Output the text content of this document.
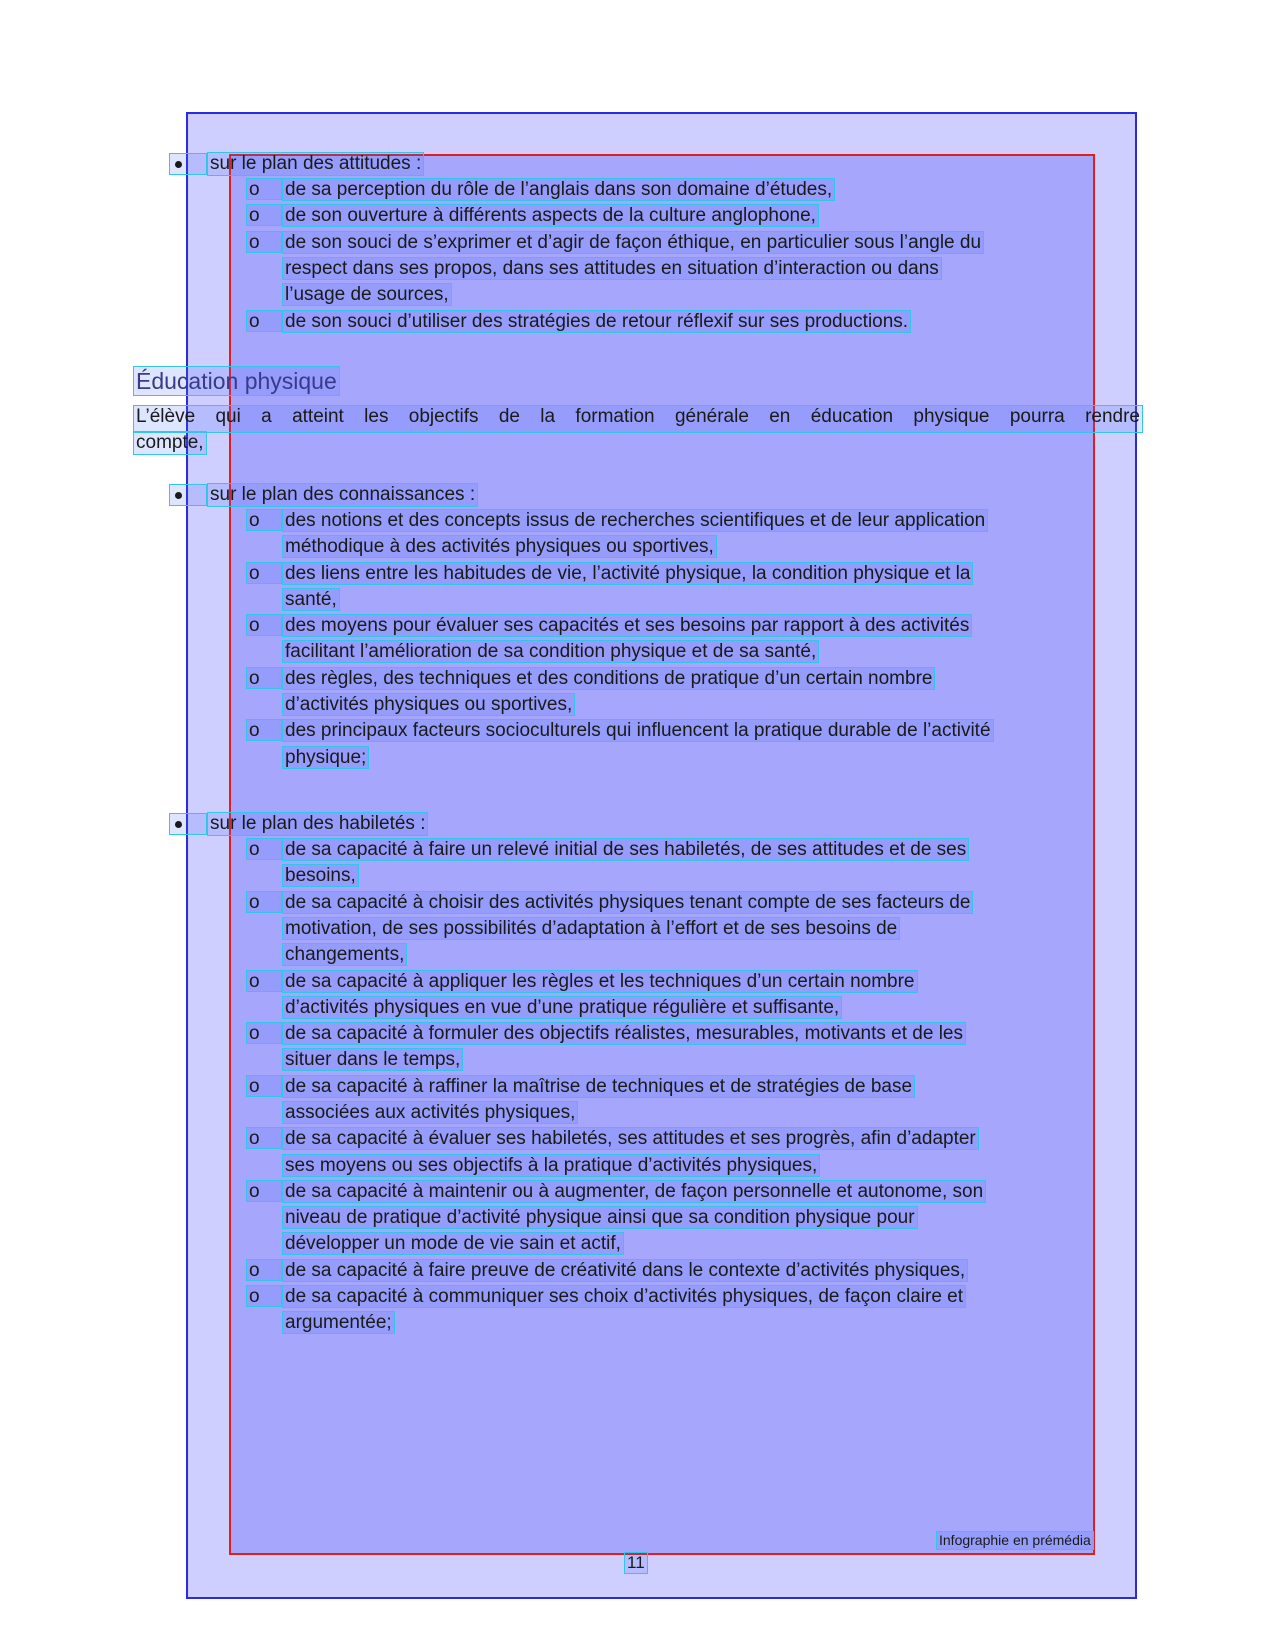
sur le plan des attitudes :
o	de sa perception du rôle de l’anglais dans son domaine d’études,
o	de son ouverture à différents aspects de la culture anglophone,
o	de son souci de s’exprimer et d’agir de façon éthique, en particulier sous l’angle du
respect dans ses propos, dans ses attitudes en situation d’interaction ou dans
l’usage de sources,
o	de son souci d’utiliser des stratégies de retour réflexif sur ses productions.
Éducation physique
L’élève qui a atteint les objectifs de la formation générale en éducation physique pourra rendre
compte,
sur le plan des connaissances :
o	des notions et des concepts issus de recherches scientifiques et de leur application
méthodique à des activités physiques ou sportives,
o	des liens entre les habitudes de vie, l’activité physique, la condition physique et la
santé,
o	des moyens pour évaluer ses capacités et ses besoins par rapport à des activités
facilitant l’amélioration de sa condition physique et de sa santé,
o	des règles, des techniques et des conditions de pratique d’un certain nombre
d’activités physiques ou sportives,
o	des principaux facteurs socioculturels qui influencent la pratique durable de l’activité
physique;
sur le plan des habiletés :
o	de sa capacité à faire un relevé initial de ses habiletés, de ses attitudes et de ses
besoins,
o	de sa capacité à choisir des activités physiques tenant compte de ses facteurs de
motivation, de ses possibilités d’adaptation à l’effort et de ses besoins de
changements,
o	de sa capacité à appliquer les règles et les techniques d’un certain nombre
d’activités physiques en vue d’une pratique régulière et suffisante,
o	de sa capacité à formuler des objectifs réalistes, mesurables, motivants et de les
situer dans le temps,
o	de sa capacité à raffiner la maîtrise de techniques et de stratégies de base
associées aux activités physiques,
o	de sa capacité à évaluer ses habiletés, ses attitudes et ses progrès, afin d’adapter
ses moyens ou ses objectifs à la pratique d’activités physiques,
o	de sa capacité à maintenir ou à augmenter, de façon personnelle et autonome, son
niveau de pratique d’activité physique ainsi que sa condition physique pour
développer un mode de vie sain et actif,
o	de sa capacité à faire preuve de créativité dans le contexte d’activités physiques,
o	de sa capacité à communiquer ses choix d’activités physiques, de façon claire et
argumentée;
Infographie en prémédia
11
